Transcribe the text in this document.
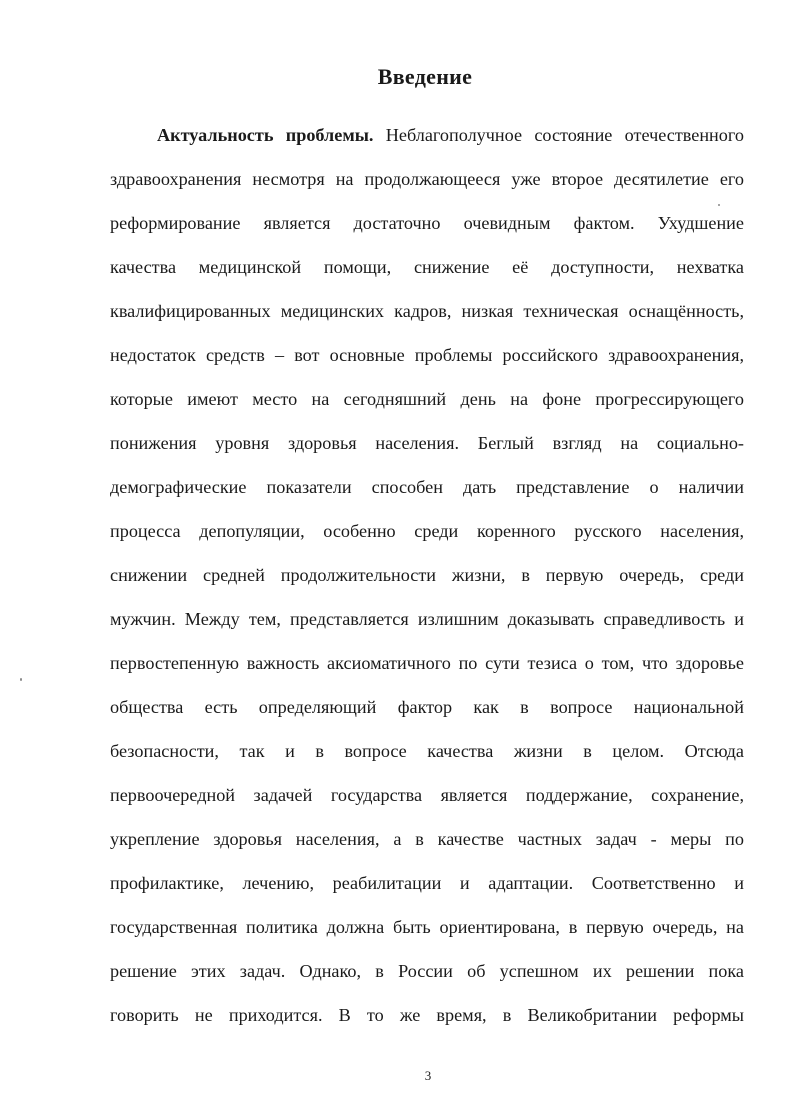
Введение
Актуальность проблемы. Неблагополучное состояние отечественного
здравоохранения несмотря на продолжающееся уже второе десятилетие его
реформирование является достаточно очевидным фактом. Ухудшение
качества медицинской помощи, снижение её доступности, нехватка
квалифицированных медицинских кадров, низкая техническая оснащённость,
недостаток средств – вот основные проблемы российского здравоохранения,
которые имеют место на сегодняшний день на фоне прогрессирующего
понижения уровня здоровья населения. Беглый взгляд на социально-
демографические показатели способен дать представление о наличии
процесса депопуляции, особенно среди коренного русского населения,
снижении средней продолжительности жизни, в первую очередь, среди
мужчин. Между тем, представляется излишним доказывать справедливость и
первостепенную важность аксиоматичного по сути тезиса о том, что здоровье
общества есть определяющий фактор как в вопросе национальной
безопасности, так и в вопросе качества жизни в целом. Отсюда
первоочередной задачей государства является поддержание, сохранение,
укрепление здоровья населения, а в качестве частных задач - меры по
профилактике, лечению, реабилитации и адаптации. Соответственно и
государственная политика должна быть ориентирована, в первую очередь, на
решение этих задач. Однако, в России об успешном их решении пока
говорить не приходится. В то же время, в Великобритании реформы
3
